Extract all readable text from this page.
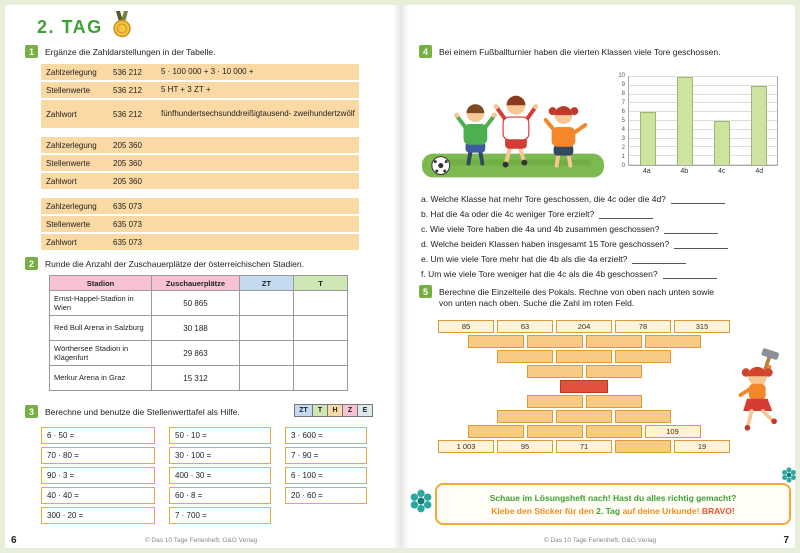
2. TAG
1	Ergänze die Zahldarstellungen in der Tabelle.
Zahlzerlegung	536 212	5 · 100 000 + 3 · 10 000 +
Stellenwerte	536 212	5 HT + 3 ZT +
Zahlwort	536 212	fünfhundertsechsunddreißigtausend- zweihundertzwölf
Zahlzerlegung	205 360
Stellenwerte	205 360
Zahlwort	205 360
Zahlzerlegung	635 073
Stellenwerte	635 073
Zahlwort	635 073
2	Runde die Anzahl der Zuschauerplätze der österreichischen Stadien.
Stadion	Zuschauerplätze	ZT	T
Ernst-Happel-Stadion in Wien	50 865		
Red Bull Arena in Salzburg	30 188		
Wörthersee Stadion in Klagenfurt	29 863		
Merkur Arena in Graz	15 312		
3	Berechne und benutze die Stellenwerttafel als Hilfe.	ZT	T	H	Z	E
6 · 50 =
70 · 80 =
90 · 3 =
40 · 40 =
300 · 20 =
50 · 10 =
30 · 100 =
400 · 30 =
60 · 8 =
7 · 700 =
3 · 600 =
7 · 90 =
6 · 100 =
20 · 60 =
6	© Das 10 Tage Ferienheft, G&G Verlag
4	Bei einem Fußballturnier haben die vierten Klassen viele Tore geschossen.
0
1
2
3
4
5
6
7
8
9
10
4a	4b	4c	4d
a. Welche Klasse hat mehr Tore geschossen, die 4c oder die 4d?
b. Hat die 4a oder die 4c weniger Tore erzielt?
c. Wie viele Tore haben die 4a und 4b zusammen geschossen?
d. Welche beiden Klassen haben insgesamt 15 Tore geschossen?
e. Um wie viele Tore mehr hat die 4b als die 4a erzielt?
f. Um wie viele Tore weniger hat die 4c als die 4b geschossen?
5	Berechne die Einzelteile des Pokals. Rechne von oben nach unten sowie
von unten nach oben. Suche die Zahl im roten Feld.
85	63	204	78	315
109
1 003	95	71	19
Schaue im Lösungsheft nach! Hast du alles richtig gemacht?
Klebe den Sticker für den 2. Tag auf deine Urkunde! BRAVO!
7
© Das 10 Tage Ferienheft, G&G Verlag
